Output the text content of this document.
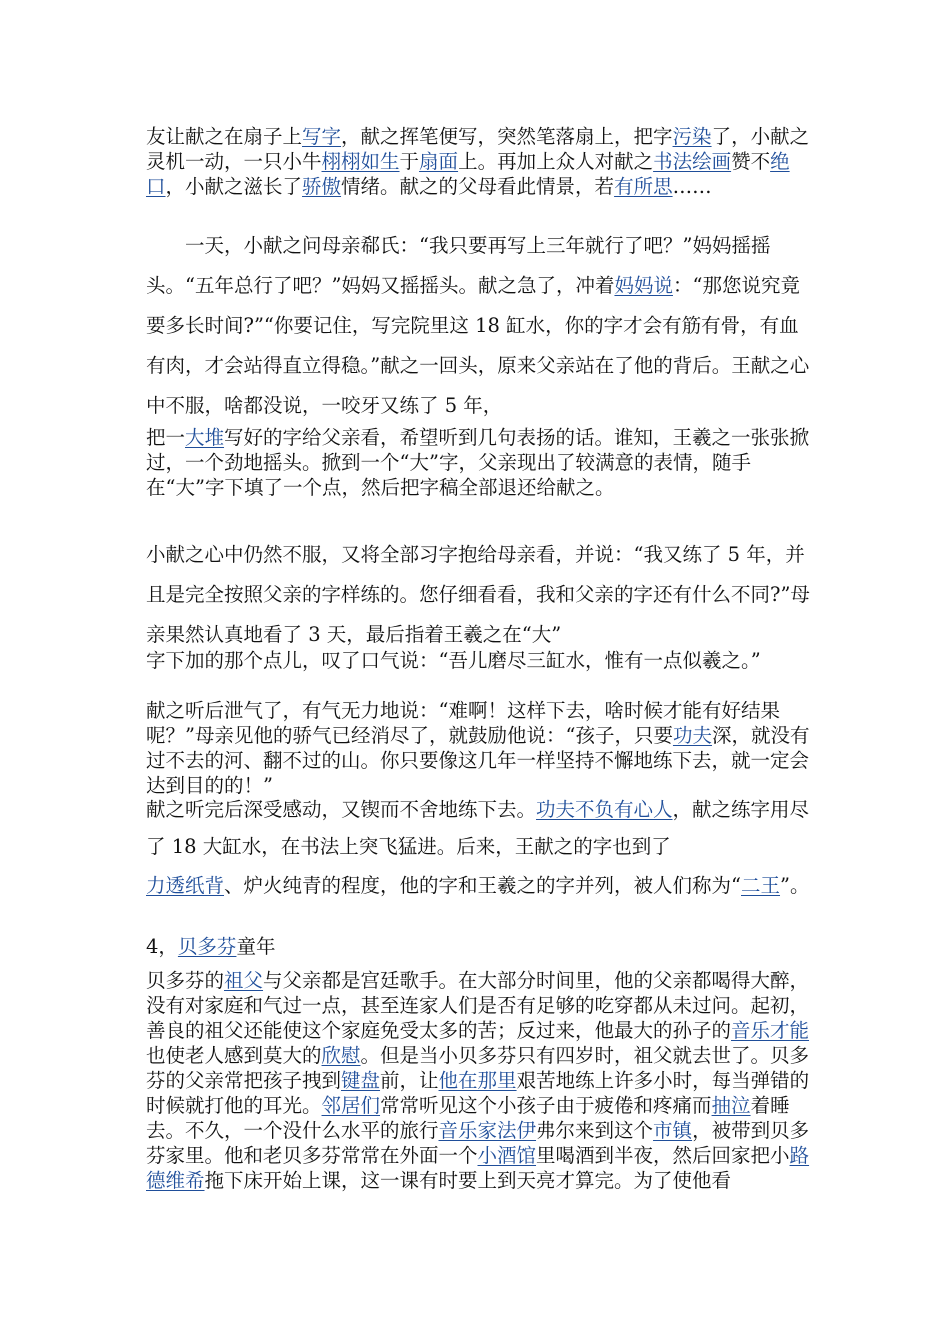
友让献之在扇子上写字，献之挥笔便写，突然笔落扇上，把字污染了，小献之灵机一动，一只小牛栩栩如生于扇面上。再加上众人对献之书法绘画赞不绝口，小献之滋长了骄傲情绪。献之的父母看此情景，若有所思……

一天，小献之问母亲郗氏：“我只要再写上三年就行了吧？”妈妈摇摇头。“五年总行了吧？”妈妈又摇摇头。献之急了，冲着妈妈说：“那您说究竟要多长时间?”“你要记住，写完院里这 18 缸水，你的字才会有筋有骨，有血有肉，才会站得直立得稳。”献之一回头，原来父亲站在了他的背后。王献之心中不服，啥都没说，一咬牙又练了 5 年，

把一大堆写好的字给父亲看，希望听到几句表扬的话。谁知，王羲之一张张掀过，一个劲地摇头。掀到一个“大”字，父亲现出了较满意的表情，随手在“大”字下填了一个点，然后把字稿全部退还给献之。

小献之心中仍然不服，又将全部习字抱给母亲看，并说：“我又练了 5 年，并且是完全按照父亲的字样练的。您仔细看看，我和父亲的字还有什么不同?”母亲果然认真地看了 3 天，最后指着王羲之在“大”

字下加的那个点儿，叹了口气说：“吾儿磨尽三缸水，惟有一点似羲之。”

献之听后泄气了，有气无力地说：“难啊！这样下去，啥时候才能有好结果呢？”母亲见他的骄气已经消尽了，就鼓励他说：“孩子，只要功夫深，就没有过不去的河、翻不过的山。你只要像这几年一样坚持不懈地练下去，就一定会达到目的的！”

献之听完后深受感动，又锲而不舍地练下去。功夫不负有心人，献之练字用尽了 18 大缸水，在书法上突飞猛进。后来，王献之的字也到了

力透纸背、炉火纯青的程度，他的字和王羲之的字并列，被人们称为“二王”。

4，贝多芬童年

贝多芬的祖父与父亲都是宫廷歌手。在大部分时间里，他的父亲都喝得大醉，没有对家庭和气过一点，甚至连家人们是否有足够的吃穿都从未过问。起初，善良的祖父还能使这个家庭免受太多的苦；反过来，他最大的孙子的音乐才能也使老人感到莫大的欣慰。但是当小贝多芬只有四岁时，祖父就去世了。贝多芬的父亲常把孩子拽到键盘前，让他在那里艰苦地练上许多小时，每当弹错的时候就打他的耳光。邻居们常常听见这个小孩子由于疲倦和疼痛而抽泣着睡去。不久，一个没什么水平的旅行音乐家法伊弗尔来到这个市镇，被带到贝多芬家里。他和老贝多芬常常在外面一个小酒馆里喝酒到半夜，然后回家把小路德维希拖下床开始上课，这一课有时要上到天亮才算完。为了使他看
